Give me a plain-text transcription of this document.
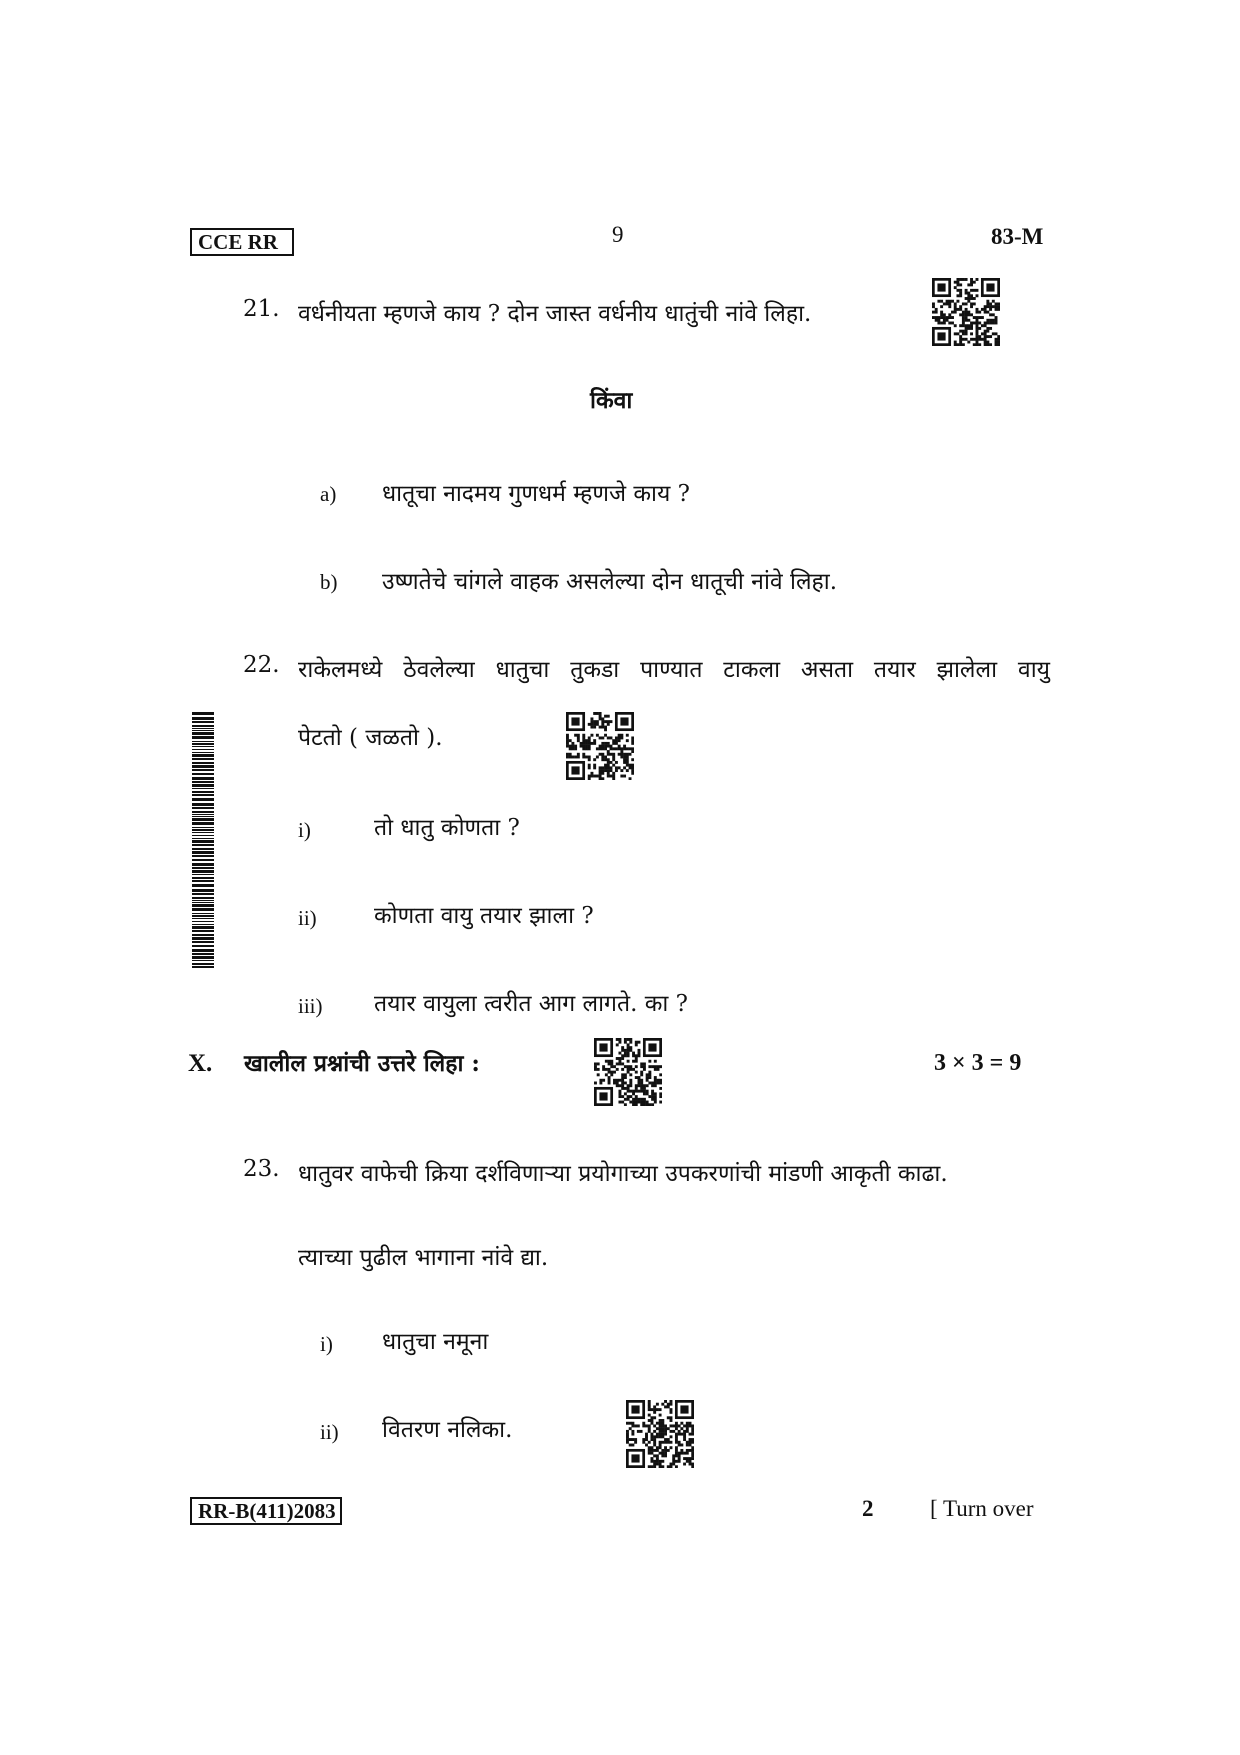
CCE RR	9	83-M
21. वर्धनीयता म्हणजे काय ? दोन जास्त वर्धनीय धातुंची नांवे लिहा.
किंवा
a) धातूचा नादमय गुणधर्म म्हणजे काय ?
b) उष्णतेचे चांगले वाहक असलेल्या दोन धातूची नांवे लिहा.
22. राकेलमध्ये ठेवलेल्या धातुचा तुकडा पाण्यात टाकला असता तयार झालेला वायु
पेटतो ( जळतो ).
i)	तो धातु कोणता ?
ii) कोणता वायु तयार झाला ?
iii) तयार वायुला त्वरीत आग लागते. का ?
X. खालील प्रश्नांची उत्तरे लिहा :	3 × 3 = 9
23. धातुवर वाफेची क्रिया दर्शविणाऱ्या प्रयोगाच्या उपकरणांची मांडणी आकृती काढा.
त्याच्या पुढील भागाना नांवे द्या.
i) धातुचा नमूना
ii) वितरण नलिका.
RR-B(411)2083	2 [ Turn over
